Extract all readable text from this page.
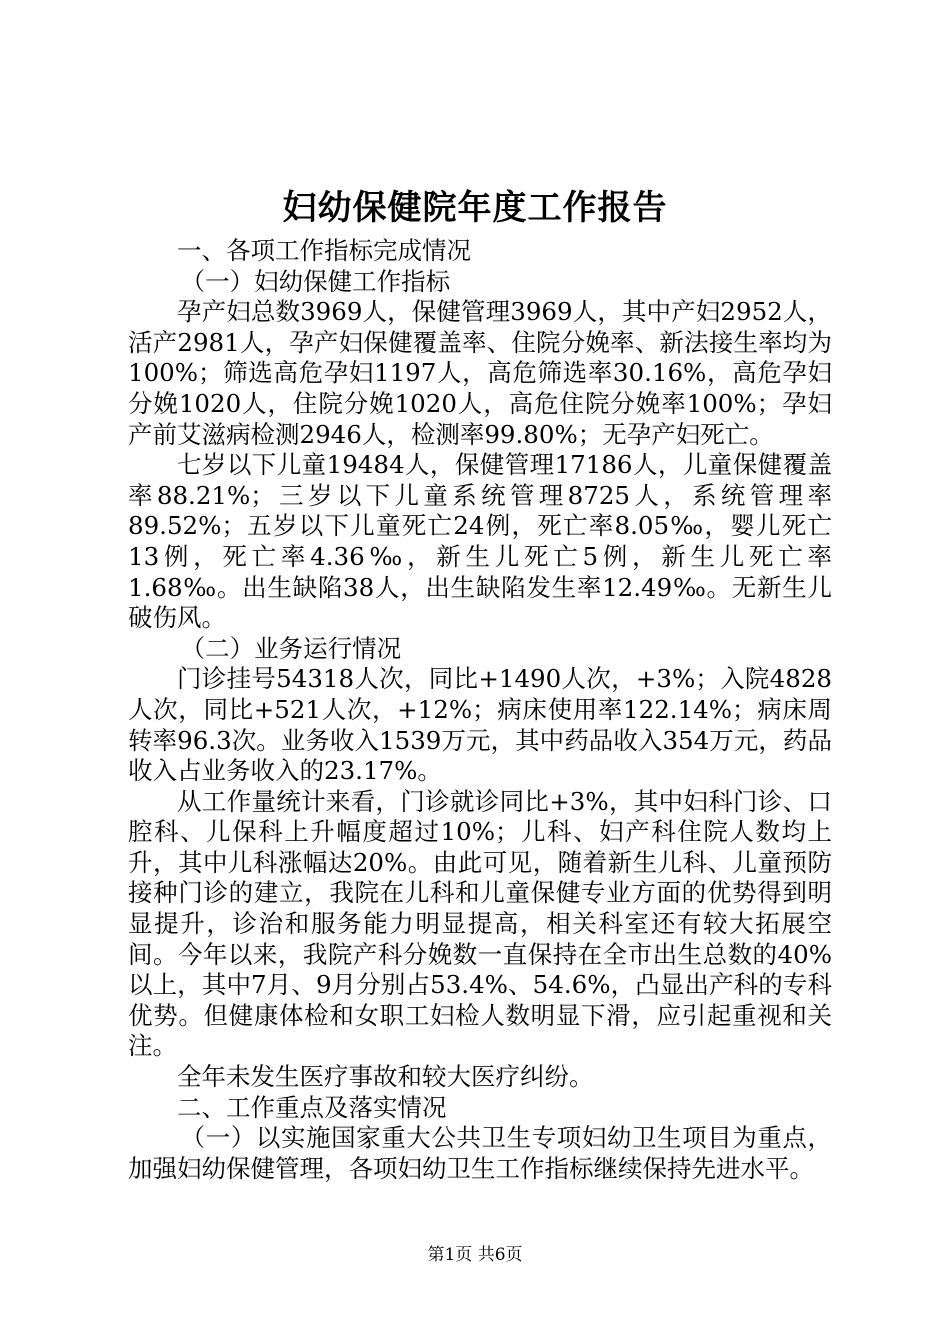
妇幼保健院年度工作报告

一、各项工作指标完成情况

（一）妇幼保健工作指标

孕产妇总数3969人，保健管理3969人，其中产妇2952人，活产2981人，孕产妇保健覆盖率、住院分娩率、新法接生率均为100%；筛选高危孕妇1197人，高危筛选率30.16%，高危孕妇分娩1020人，住院分娩1020人，高危住院分娩率100%；孕妇产前艾滋病检测2946人，检测率99.80%；无孕产妇死亡。

七岁以下儿童19484人，保健管理17186人，儿童保健覆盖率88.21%；三岁以下儿童系统管理8725人，系统管理率89.52%；五岁以下儿童死亡24例，死亡率8.05‰，婴儿死亡13例，死亡率4.36‰，新生儿死亡5例，新生儿死亡率1.68‰。出生缺陷38人，出生缺陷发生率12.49‰。无新生儿破伤风。

（二）业务运行情况

门诊挂号54318人次，同比+1490人次，+3%；入院4828人次，同比+521人次，+12%；病床使用率122.14%；病床周转率96.3次。业务收入1539万元，其中药品收入354万元，药品收入占业务收入的23.17%。

从工作量统计来看，门诊就诊同比+3%，其中妇科门诊、口腔科、儿保科上升幅度超过10%；儿科、妇产科住院人数均上升，其中儿科涨幅达20%。由此可见，随着新生儿科、儿童预防接种门诊的建立，我院在儿科和儿童保健专业方面的优势得到明显提升，诊治和服务能力明显提高，相关科室还有较大拓展空间。今年以来，我院产科分娩数一直保持在全市出生总数的40%以上，其中7月、9月分别占53.4%、54.6%，凸显出产科的专科优势。但健康体检和女职工妇检人数明显下滑，应引起重视和关注。

全年未发生医疗事故和较大医疗纠纷。

二、工作重点及落实情况

（一）以实施国家重大公共卫生专项妇幼卫生项目为重点，加强妇幼保健管理，各项妇幼卫生工作指标继续保持先进水平。

第1页 共6页
